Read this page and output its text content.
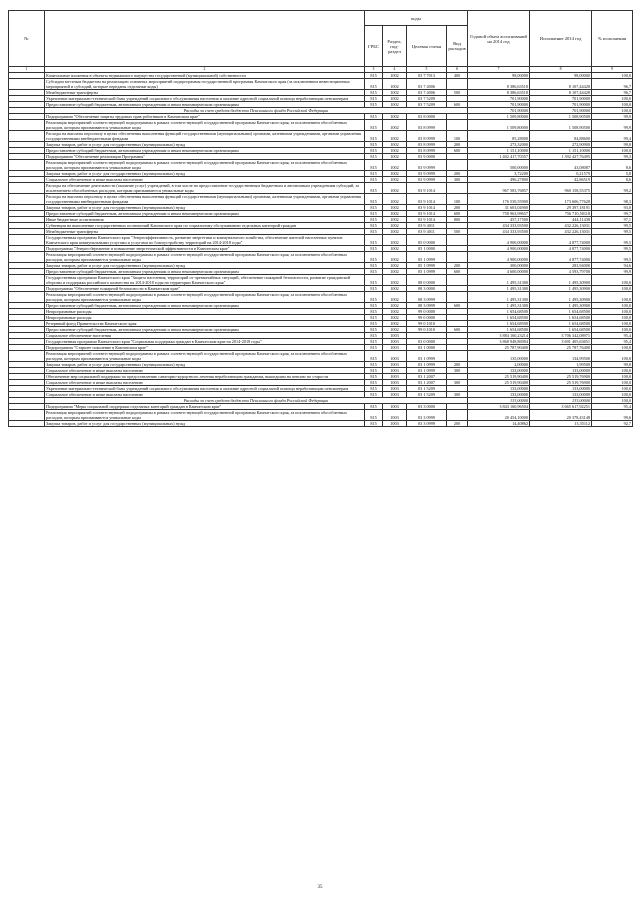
№		коды				Годовой объем ассигнований на 2014 год	Исполнение 2014 год	% исполнения
		ГРБС	Раздел, под-раздел	Целевая статья	Вид расходов			
1	2	3	4	5	6	7	8	9
	Капитальные вложения в объекты недвижимого имущества государственной (муниципальной) собственности	815	1002	03 7 7013	400	98,00000	98,00000	100,0
	Субсидии местным бюджетам на реализацию основных мероприятий подпрограммы государственной программы Камчатского края (за исключением инвестиционных мероприятий и субсидий, которые переданы отдельные коды)	815	1002	03 7 4006		8 386,63518	8 107,44428	96,7
	Межбюджетные трансферты	815	1002	03 7 4006	500	8 386,63518	8 107,44428	96,7
	Укрепление материально-технической базы учреждений социального обслуживания населения и оказание адресной социальной помощи неработающим пенсионерам	815	1002	03 7 5209		701,90000	701,90000	100,0
	Предоставление субсидий бюджетным, автономным учреждениям и иным некоммерческим организациям	815	1002	03 7 5209	600	701,90000	701,90000	100,0
	Расходы за счет средств бюджета Пенсионного фонда Российской Федерации					701,90000	701,90000	100,0
	Подпрограмма "Обеспечение защиты трудовых прав работников в Камчатском крае"	815	1002	03 8 0000		1 509,80000	1 508,90500	99,9
	Реализация мероприятий соответствующей подпрограммы в рамках соответствующей государственной программы Камчатского края, за исключением обособленных расходов, которым присваиваются уникальные коды	815	1002	03 8 0999		1 509,80000	1 508,90500	99,9
	Расходы на выплаты персоналу в целях обеспечения выполнения функций государственными (муниципальными) органами, казенными учреждениями, органами управления государственными внебюджетными фондами	815	1002	03 8 0999	100	85,28000	84,88600	99,4
	Закупка товаров, работ и услуг для государственных (муниципальных) нужд	815	1002	03 8 0999	200	273,32000	272,90900	99,8
	Предоставление субсидий бюджетным, автономным учреждениям и иным некоммерческим организациям	815	1002	03 8 0999	600	1 151,10000	1 151,10000	100,0
	Подпрограмма "Обеспечение реализации Программы"	815	1002	03 9 0000		1 402 417,70357	1 392 427,76495	99,3
	Реализация мероприятий соответствующей подпрограммы в рамках соответствующей государственной программы Камчатского края, за исключением обособленных расходов, которым присваиваются уникальные коды	815	1002	03 9 0999		500,00000	43,08087	8,6
	Закупка товаров, работ и услуг для государственных (муниципальных) нужд	815	1002	03 9 0999	200	3,72200	0,21579	5,8
	Социальное обеспечение и иные выплаты населению	815	1002	03 9 0999	300	496,27800	42,86519	8,6
	Расходы на обеспечение деятельности (оказание услуг) учреждений, в том числе на предоставление государственным бюджетным и автономным учреждениям субсидий, за исключением обособленных расходов, которым присваиваются уникальные коды	815	1002	03 9 1014		967 583,76857	960 158,55375	99,2
	Расходы на выплаты персоналу в целях обеспечения выполнения функций государственными (муниципальными) органами, казенными учреждениями, органами управления государственными внебюджетными фондами	815	1002	03 9 1014	100	176 539,55900	173 606,77628	98,3
	Закупка товаров, работ и услуг для государственных (муниципальных) нужд	815	1002	03 9 1014	200	31 603,04900	29 397,18191	93,0
	Предоставление субсидий бюджетным, автономным учреждениям и иным некоммерческим организациям	815	1002	03 9 1014	600	758 963,98657	756 710,50118	99,7
	Иные бюджетные ассигнования	815	1002	03 9 1014	800	457,17500	444,11438	97,1
	Субвенции на выполнение государственных полномочий Камчатского края по социальному обслуживанию отдельных категорий граждан	815	1002	03 9 4011		434 333,93500	432 226,13031	99,5
	Межбюджетные трансферты	815	1002	03 9 4011	500	434 333,93500	432 226,13031	99,5
	Государственная программа Камчатского края "Энергоэффективность, развитие энергетики и коммунального хозяйства, обеспечение жителей населенных пунктов Камчатского края коммунальными услугами и услугами по благоустройству территорий на 2014-2018 годы"	815	1002	05 0 0000		4 900,00000	4 877,74000	99,5
	Подпрограмма "Энергосбережение и повышение энергетической эффективности в Камчатском крае"	815	1002	05 1 0000		4 900,00000	4 877,74000	99,5
	Реализация мероприятий соответствующей подпрограммы в рамках соответствующей государственной программы Камчатского края, за исключением обособленных расходов, которым присваиваются уникальные коды	815	1002	05 1 0999		4 900,00000	4 877,74000	99,5
	Закупка товаров, работ и услуг для государственных (муниципальных) нужд	815	1002	05 1 0999	200	300,00000	283,94000	94,6
	Предоставление субсидий бюджетным, автономным учреждениям и иным некоммерческим организациям	815	1002	05 1 0999	600	4 600,00000	4 593,79700	99,9
	Государственная программа Камчатского края "Защита населения, территорий от чрезвычайных ситуаций, обеспечение пожарной безопасности, развитие гражданской обороны и поддержка российского казачества на 2014-2018 годы на территории Камчатского края"	815	1002	08 0 0000		1 495,31300	1 495,30900	100,0
	Подпрограмма "Обеспечение пожарной безопасности в Камчатском крае"	815	1002	08 3 0000		1 495,31300	1 495,30900	100,0
	Реализация мероприятий соответствующей подпрограммы в рамках соответствующей государственной программы Камчатского края, за исключением обособленных расходов, которым присваиваются уникальные коды	815	1002	08 3 0999		1 495,31300	1 495,30900	100,0
	Предоставление субсидий бюджетным, автономным учреждениям и иным некоммерческим организациям	815	1002	08 3 0999	600	1 495,31300	1 495,30900	100,0
	Непрограммные расходы	815	1002	99 0 0000		1 654,68500	1 654,68500	100,0
	Непрограммные расходы	815	1002	99 0 0000		1 654,68500	1 654,68500	100,0
	Резервный фонд Правительства Камчатского края	815	1002	99 0 1010		1 654,68500	1 654,68500	100,0
	Предоставление субсидий бюджетным, автономным учреждениям и иным некоммерческим организациям	815	1002	99 0 1010	600	1 654,68500	1 654,68500	100,0
	Социальное обеспечение населения	815	1003			3 884 160,23214	3 706 342,08971	95,4
	Государственная программа Камчатского края "Социальная поддержка граждан в Камчатском крае на 2014-2018 годы"	815	1003	03 0 0000		3 868 948,86904	3 691 405,63651	95,4
	Подпрограмма "Старшее поколение в Камчатском крае"	815	1003	03 1 0000		25 787,90400	25 787,76400	100,0
	Реализация мероприятий соответствующей подпрограммы в рамках соответствующей государственной программы Камчатского края, за исключением обособленных расходов, которым присваиваются уникальные коды	815	1003	03 1 0999		135,00000	134,99500	100,0
	Закупка товаров, работ и услуг для государственных (муниципальных) нужд	815	1003	03 1 0999	200	2,00000	1,99500	99,8
	Социальное обеспечение и иные выплаты населению	815	1003	03 1 0999	300	133,00000	133,00000	100,0
	Обеспечение мер социальной поддержки по предоставлению санаторно-курортного лечения неработающим гражданам, вышедшим на пенсию по старости	815	1003	03 1 2007		25 519,90400	25 519,76900	100,0
	Социальное обеспечение и иные выплаты населению	815	1003	03 1 2007	300	25 519,90400	25 519,76900	100,0
	Укрепление материально-технической базы учреждений социального обслуживания населения и оказание адресной социальной помощи неработающим пенсионерам	815	1003	03 1 5209		133,00000	133,00000	100,0
	Социальное обеспечение и иные выплаты населению	815	1003	03 1 5209	300	133,00000	133,00000	100,0
	Расходы за счет средств бюджета Пенсионного фонда Российской Федерации					133,00000	133,00000	100,0
	Подпрограмма "Меры социальной поддержки отдельных категорий граждан в Камчатском крае"	815	1003	03 3 0000		3 843 160,96504	3 665 617,92251	95,4
	Реализация мероприятий соответствующей подпрограммы в рамках соответствующей государственной программы Камчатского края, за исключением обособленных расходов, которым присваиваются уникальные коды	815	1003	03 3 0999		20 454,10000	20 378,43148	99,6
	Закупка товаров, работ и услуг для государственных (муниципальных) нужд	815	1003	03 3 0999	200	14,40862	13,35112	92,7
35
